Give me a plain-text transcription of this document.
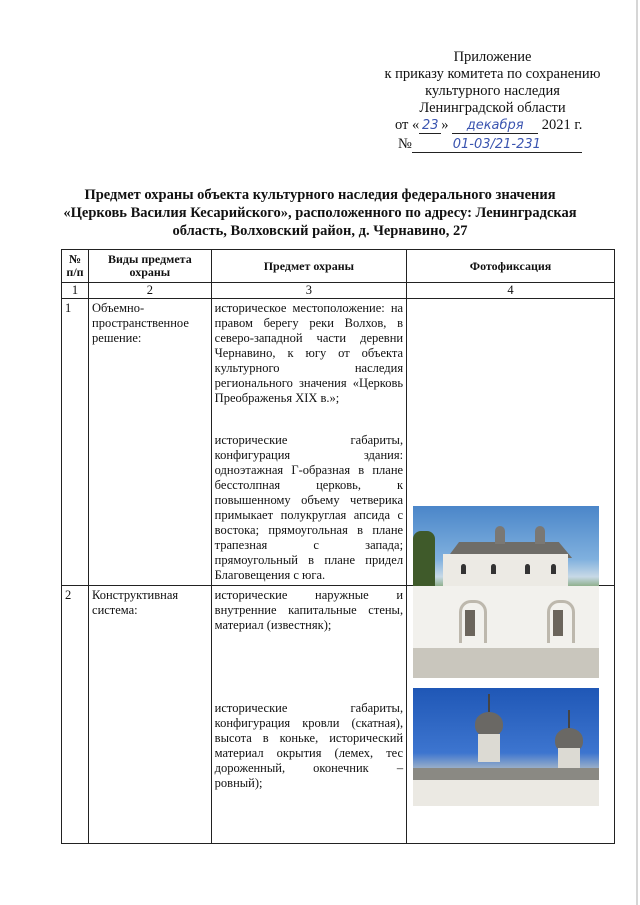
Приложение
к приказу комитета по сохранению
культурного наследия
Ленинградской области
от « 23 » декабря 2021 г.
№	01-03/21-231
Предмет охраны объекта культурного наследия федерального значения
«Церковь Василия Кесарийского», расположенного по адресу: Ленинградская
область, Волховский район, д. Чернавино, 27
№ п/п	Виды предмета охраны	Предмет охраны	Фотофиксация
1	2	3	4
1	Объемно-пространственное решение:	историческое местоположение: на правом берегу реки Волхов, в северо-западной части деревни Чернавино, к югу от объекта культурного наследия регионального значения «Церковь Преображенья XIX в.»;

исторические габариты, конфигурация здания: одноэтажная Г-образная в плане бесстолпная церковь, к повышенному объему четверика примыкает полукруглая апсида с востока; прямоугольная в плане трапезная с запада; прямоугольный в плане придел Благовещения с юга.	

2	Конструктивная система:	исторические наружные и внутренние капитальные стены, материал (известняк);

исторические габариты, конфигурация кровли (скатная), высота в коньке, исторический материал окрытия (лемех, тес дороженный, оконечник – ровный);	
